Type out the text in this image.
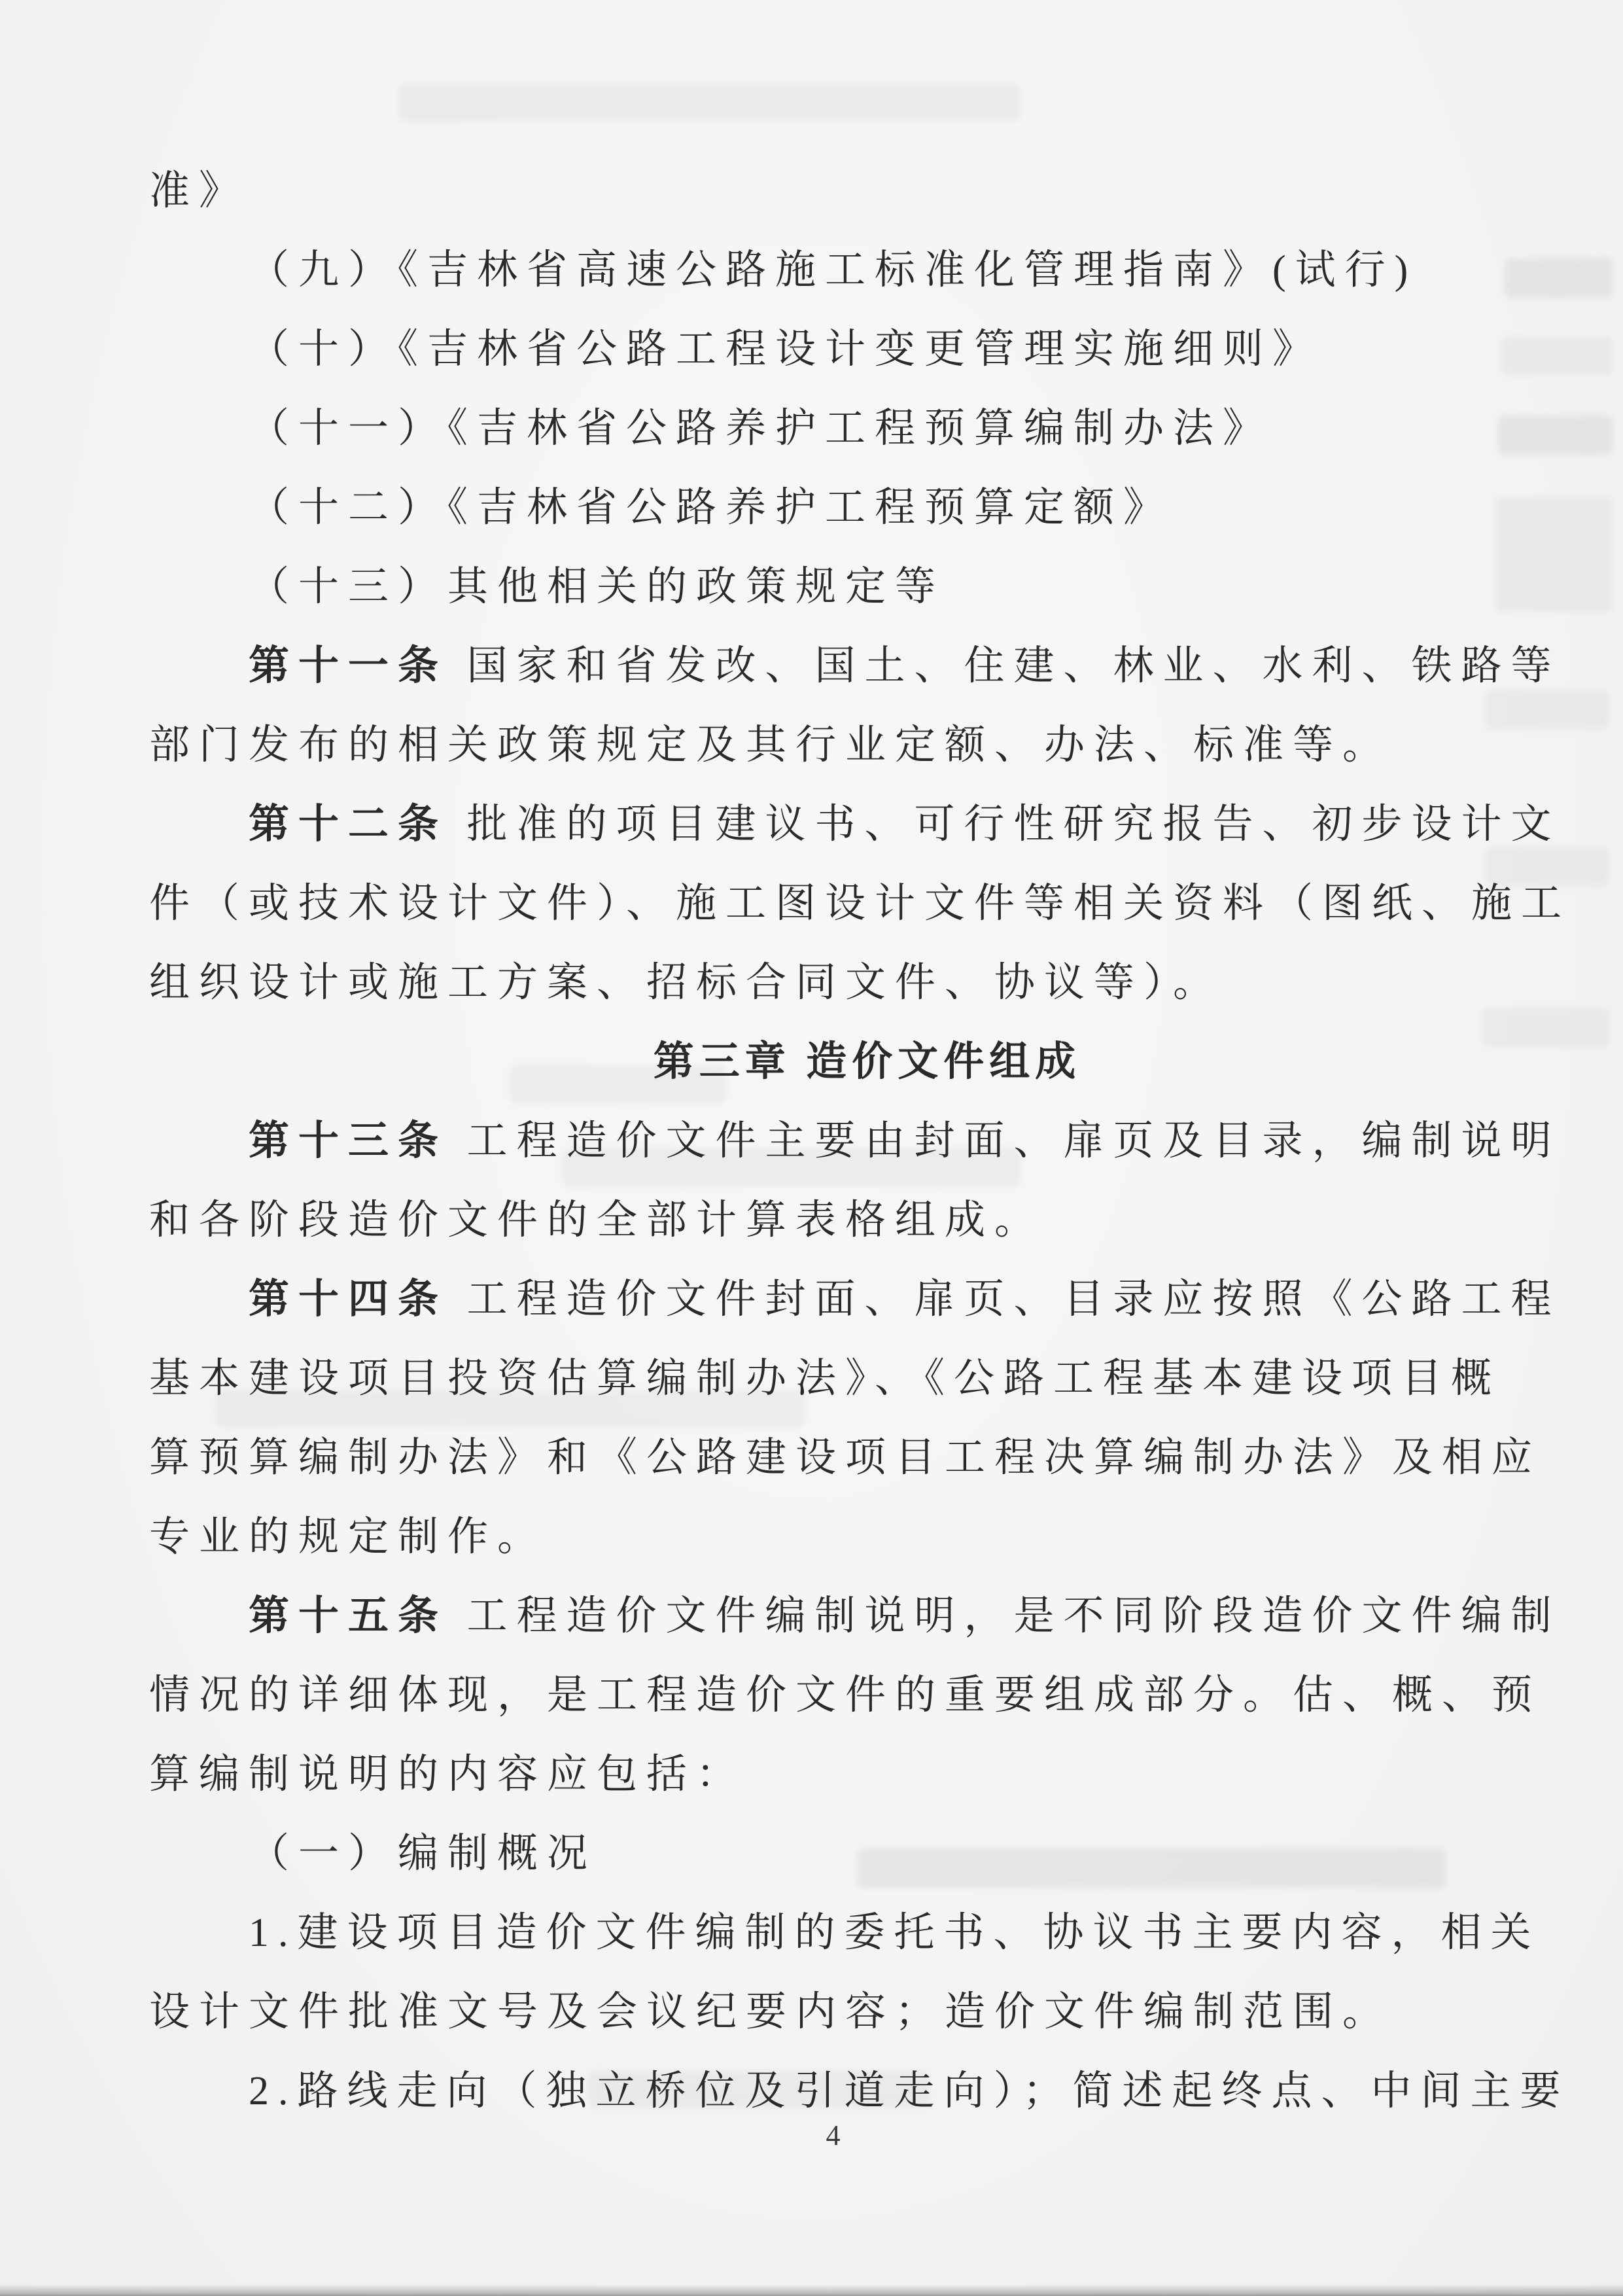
准》
（九）《吉林省高速公路施工标准化管理指南》(试行)
（十）《吉林省公路工程设计变更管理实施细则》
（十一）《吉林省公路养护工程预算编制办法》
（十二）《吉林省公路养护工程预算定额》
（十三）其他相关的政策规定等
第十一条 国家和省发改、国土、住建、林业、水利、铁路等
部门发布的相关政策规定及其行业定额、办法、标准等。
第十二条 批准的项目建议书、可行性研究报告、初步设计文
件（或技术设计文件）、施工图设计文件等相关资料（图纸、施工
组织设计或施工方案、招标合同文件、协议等）。
第三章 造价文件组成
第十三条 工程造价文件主要由封面、扉页及目录，编制说明
和各阶段造价文件的全部计算表格组成。
第十四条 工程造价文件封面、扉页、目录应按照《公路工程
基本建设项目投资估算编制办法》、《公路工程基本建设项目概
算预算编制办法》和《公路建设项目工程决算编制办法》及相应
专业的规定制作。
第十五条 工程造价文件编制说明，是不同阶段造价文件编制
情况的详细体现，是工程造价文件的重要组成部分。估、概、预
算编制说明的内容应包括：
（一）编制概况
1.建设项目造价文件编制的委托书、协议书主要内容，相关
设计文件批准文号及会议纪要内容；造价文件编制范围。
2.路线走向（独立桥位及引道走向）；简述起终点、中间主要
4
